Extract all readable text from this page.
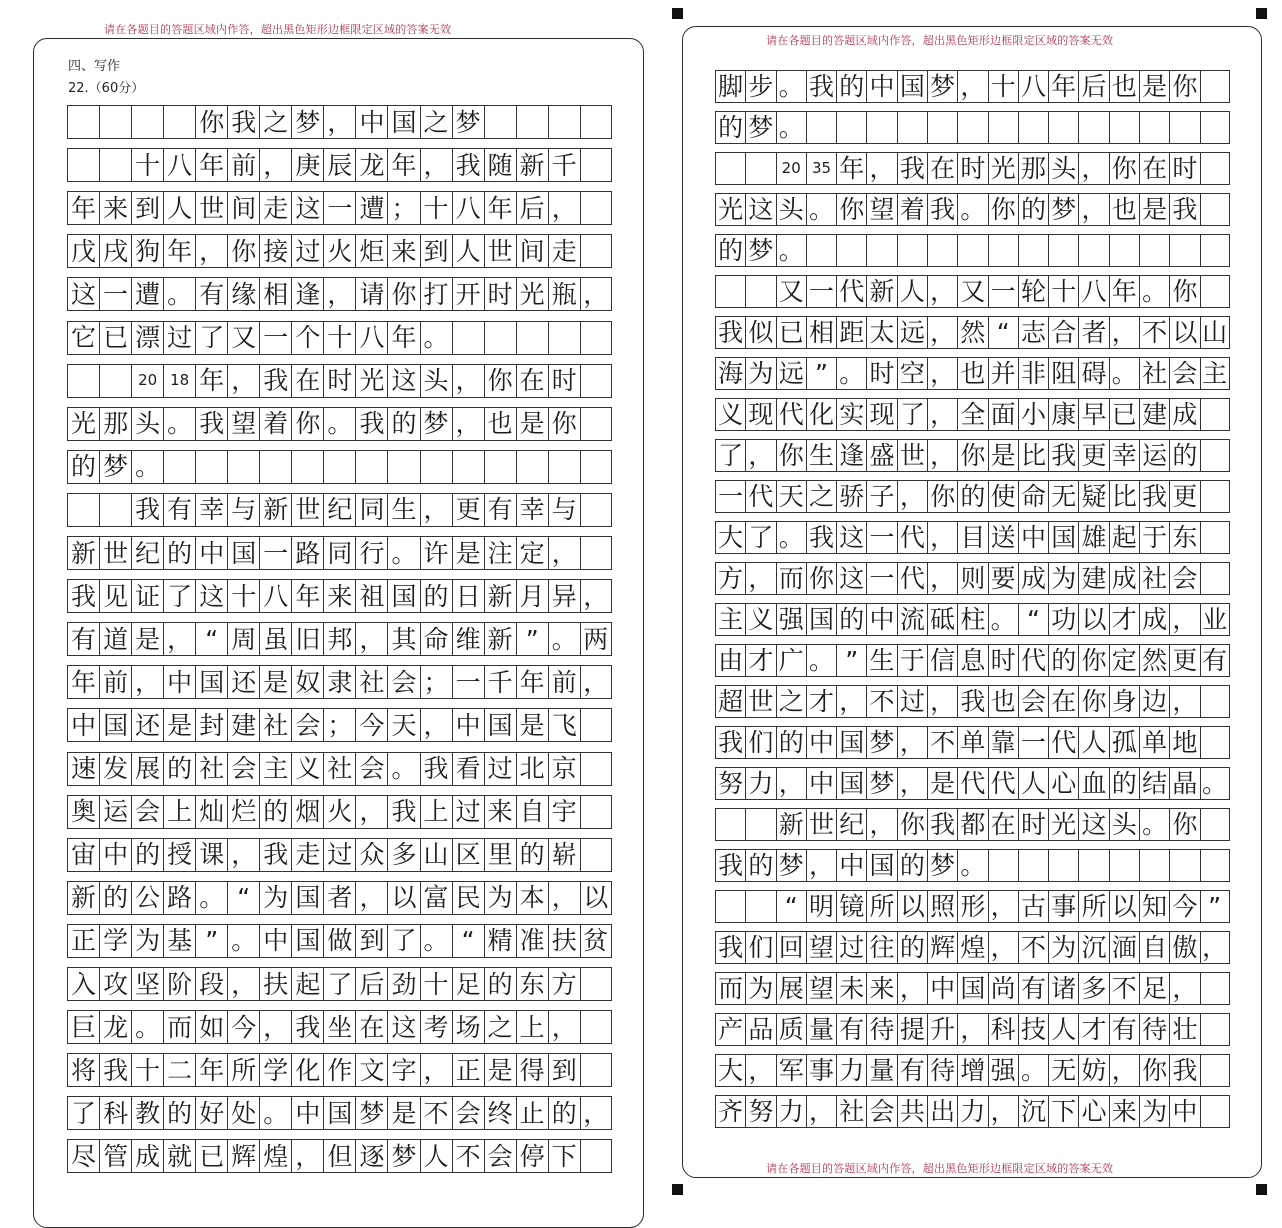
请在各题目的答题区域内作答，超出黑色矩形边框限定区域的答案无效
四、写作
22.（60分）
你 我 之 梦 ， 中 国 之 梦
十 八 年 前 ， 庚 辰 龙 年 ， 我 随 新 千
年 来 到 人 世 间 走 这 一 遭 ； 十 八 年 后 ，
戊 戌 狗 年 ， 你 接 过 火 炬 来 到 人 世 间 走
这 一 遭 。 有 缘 相 逢 ， 请 你 打 开 时 光 瓶 ，
它 已 漂 过 了 又 一 个 十 八 年 。
20 18 年 ， 我 在 时 光 这 头 ， 你 在 时
光 那 头 。 我 望 着 你 。 我 的 梦 ， 也 是 你
的 梦 。
我 有 幸 与 新 世 纪 同 生 ， 更 有 幸 与
新 世 纪 的 中 国 一 路 同 行 。 许 是 注 定 ，
我 见 证 了 这 十 八 年 来 祖 国 的 日 新 月 异 ，
有 道 是 ， “ 周 虽 旧 邦 ， 其 命 维 新 ” 。 两
年 前 ， 中 国 还 是 奴 隶 社 会 ； 一 千 年 前 ，
中 国 还 是 封 建 社 会 ； 今 天 ， 中 国 是 飞
速 发 展 的 社 会 主 义 社 会 。 我 看 过 北 京
奥 运 会 上 灿 烂 的 烟 火 ， 我 上 过 来 自 宇
宙 中 的 授 课 ， 我 走 过 众 多 山 区 里 的 崭
新 的 公 路 。 “ 为 国 者 ， 以 富 民 为 本 ， 以
正 学 为 基 ” 。 中 国 做 到 了 。 “ 精 准 扶 贫
入 攻 坚 阶 段 ， 扶 起 了 后 劲 十 足 的 东 方
巨 龙 。 而 如 今 ， 我 坐 在 这 考 场 之 上 ，
将 我 十 二 年 所 学 化 作 文 字 ， 正 是 得 到
了 科 教 的 好 处 。 中 国 梦 是 不 会 终 止 的 ，
尽 管 成 就 已 辉 煌 ， 但 逐 梦 人 不 会 停 下
请在各题目的答题区域内作答，超出黑色矩形边框限定区域的答案无效
请在各题目的答题区域内作答，超出黑色矩形边框限定区域的答案无效
脚 步 。 我 的 中 国 梦 ， 十 八 年 后 也 是 你
的 梦 。
20 35 年 ， 我 在 时 光 那 头 ， 你 在 时
光 这 头 。 你 望 着 我 。 你 的 梦 ， 也 是 我
的 梦 。
又 一 代 新 人 ， 又 一 轮 十 八 年 。 你
我 似 已 相 距 太 远 ， 然 “ 志 合 者 ， 不 以 山
海 为 远 ” 。 时 空 ， 也 并 非 阻 碍 。 社 会 主
义 现 代 化 实 现 了 ， 全 面 小 康 早 已 建 成
了 ， 你 生 逢 盛 世 ， 你 是 比 我 更 幸 运 的
一 代 天 之 骄 子 ， 你 的 使 命 无 疑 比 我 更
大 了 。 我 这 一 代 ， 目 送 中 国 雄 起 于 东
方 ， 而 你 这 一 代 ， 则 要 成 为 建 成 社 会
主 义 强 国 的 中 流 砥 柱 。 “ 功 以 才 成 ， 业
由 才 广 。 ” 生 于 信 息 时 代 的 你 定 然 更 有
超 世 之 才 ， 不 过 ， 我 也 会 在 你 身 边 ，
我 们 的 中 国 梦 ， 不 单 靠 一 代 人 孤 单 地
努 力 ， 中 国 梦 ， 是 代 代 人 心 血 的 结 晶 。
新 世 纪 ， 你 我 都 在 时 光 这 头 。 你
我 的 梦 ， 中 国 的 梦 。
“ 明 镜 所 以 照 形 ， 古 事 所 以 知 今 ”
我 们 回 望 过 往 的 辉 煌 ， 不 为 沉 湎 自 傲 ，
而 为 展 望 未 来 ， 中 国 尚 有 诸 多 不 足 ，
产 品 质 量 有 待 提 升 ， 科 技 人 才 有 待 壮
大 ， 军 事 力 量 有 待 增 强 。 无 妨 ， 你 我
齐 努 力 ， 社 会 共 出 力 ， 沉 下 心 来 为 中
